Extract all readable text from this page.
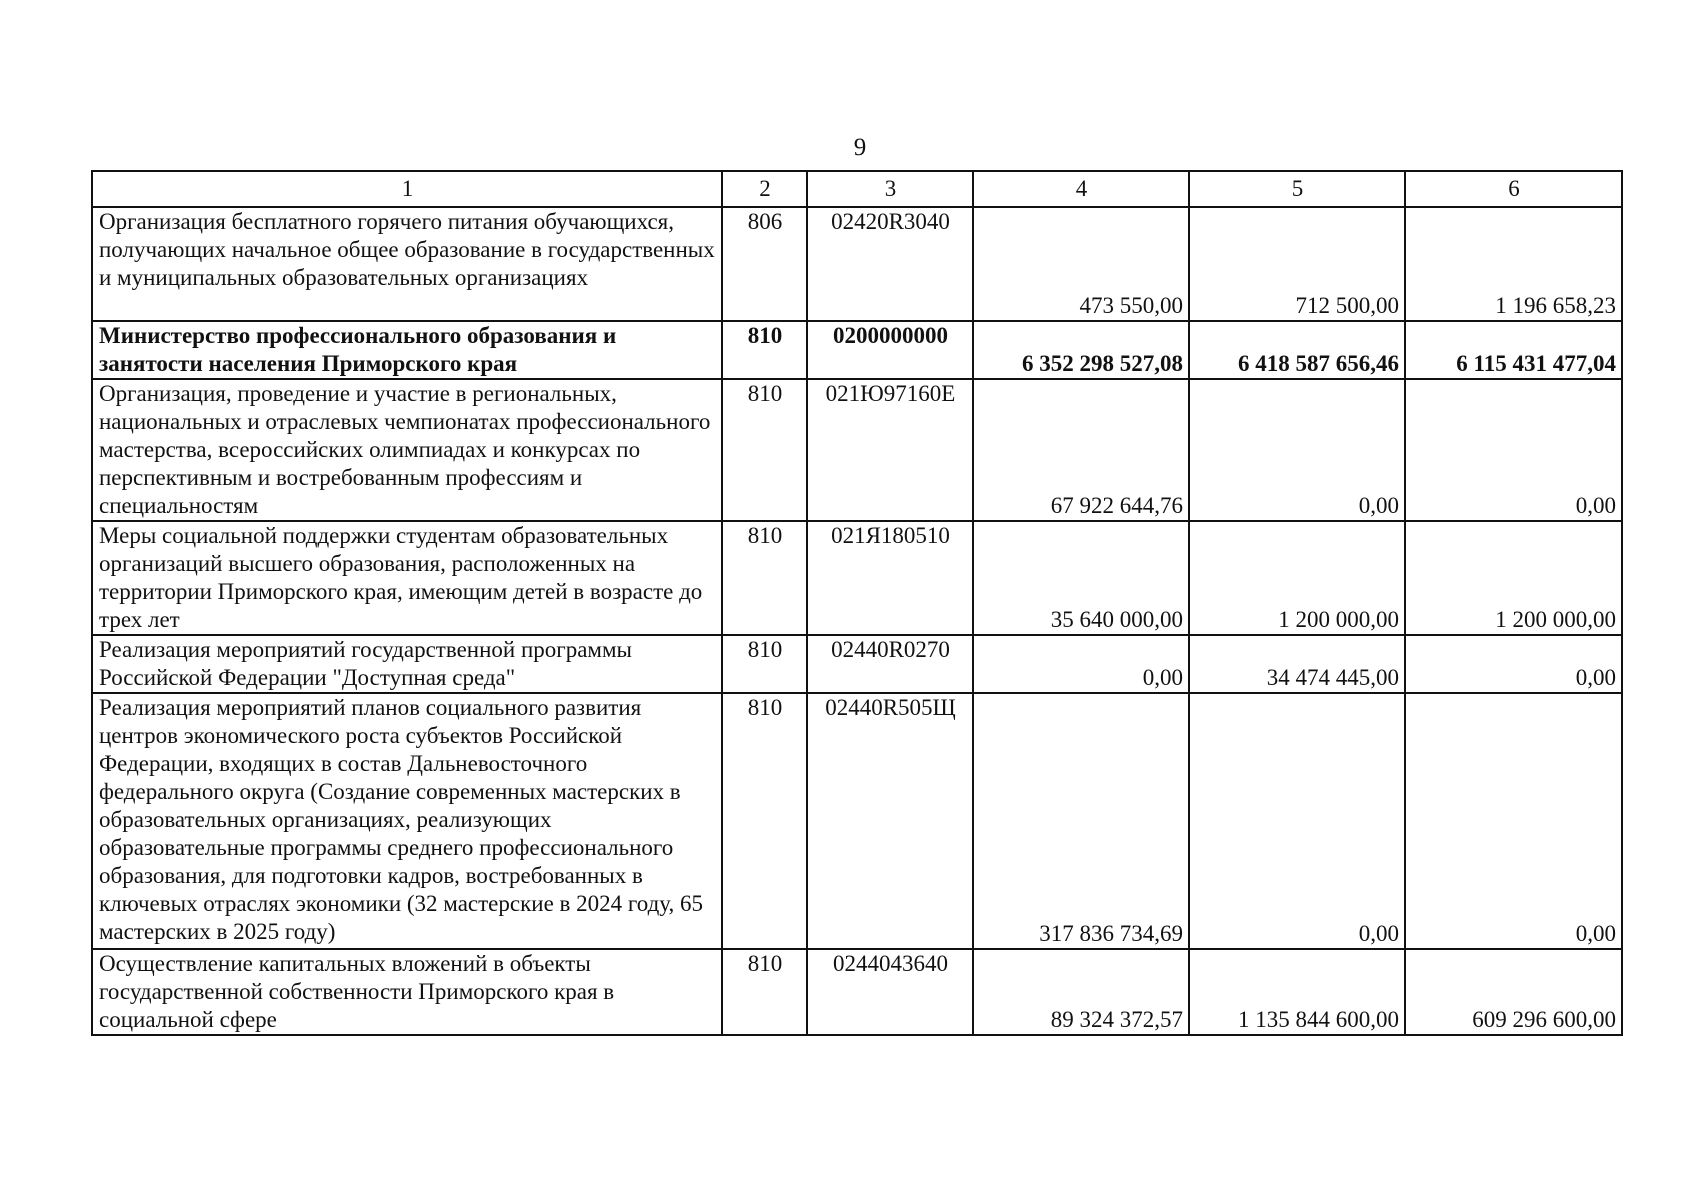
9
1	2	3	4	5	6
Организация бесплатного горячего питания обучающихся, получающих начальное общее образование в государственных и муниципальных образовательных организациях	806	02420R3040	473 550,00	712 500,00	1 196 658,23
Министерство профессионального образования и занятости населения Приморского края	810	0200000000	6 352 298 527,08	6 418 587 656,46	6 115 431 477,04
Организация, проведение и участие в региональных, национальных и отраслевых чемпионатах профессионального мастерства, всероссийских олимпиадах и конкурсах по перспективным и востребованным профессиям и специальностям	810	021Ю97160Е	67 922 644,76	0,00	0,00
Меры социальной поддержки студентам образовательных организаций высшего образования, расположенных на территории Приморского края, имеющим детей в возрасте до трех лет	810	021Я180510	35 640 000,00	1 200 000,00	1 200 000,00
Реализация мероприятий государственной программы Российской Федерации "Доступная среда"	810	02440R0270	0,00	34 474 445,00	0,00
Реализация мероприятий планов социального развития центров экономического роста субъектов Российской Федерации, входящих в состав Дальневосточного федерального округа (Создание современных мастерских в образовательных организациях, реализующих образовательные программы среднего профессионального образования, для подготовки кадров, востребованных в ключевых отраслях экономики (32 мастерские в 2024 году, 65 мастерских в 2025 году)	810	02440R505Щ	317 836 734,69	0,00	0,00
Осуществление капитальных вложений в объекты государственной собственности Приморского края в социальной сфере	810	0244043640	89 324 372,57	1 135 844 600,00	609 296 600,00
